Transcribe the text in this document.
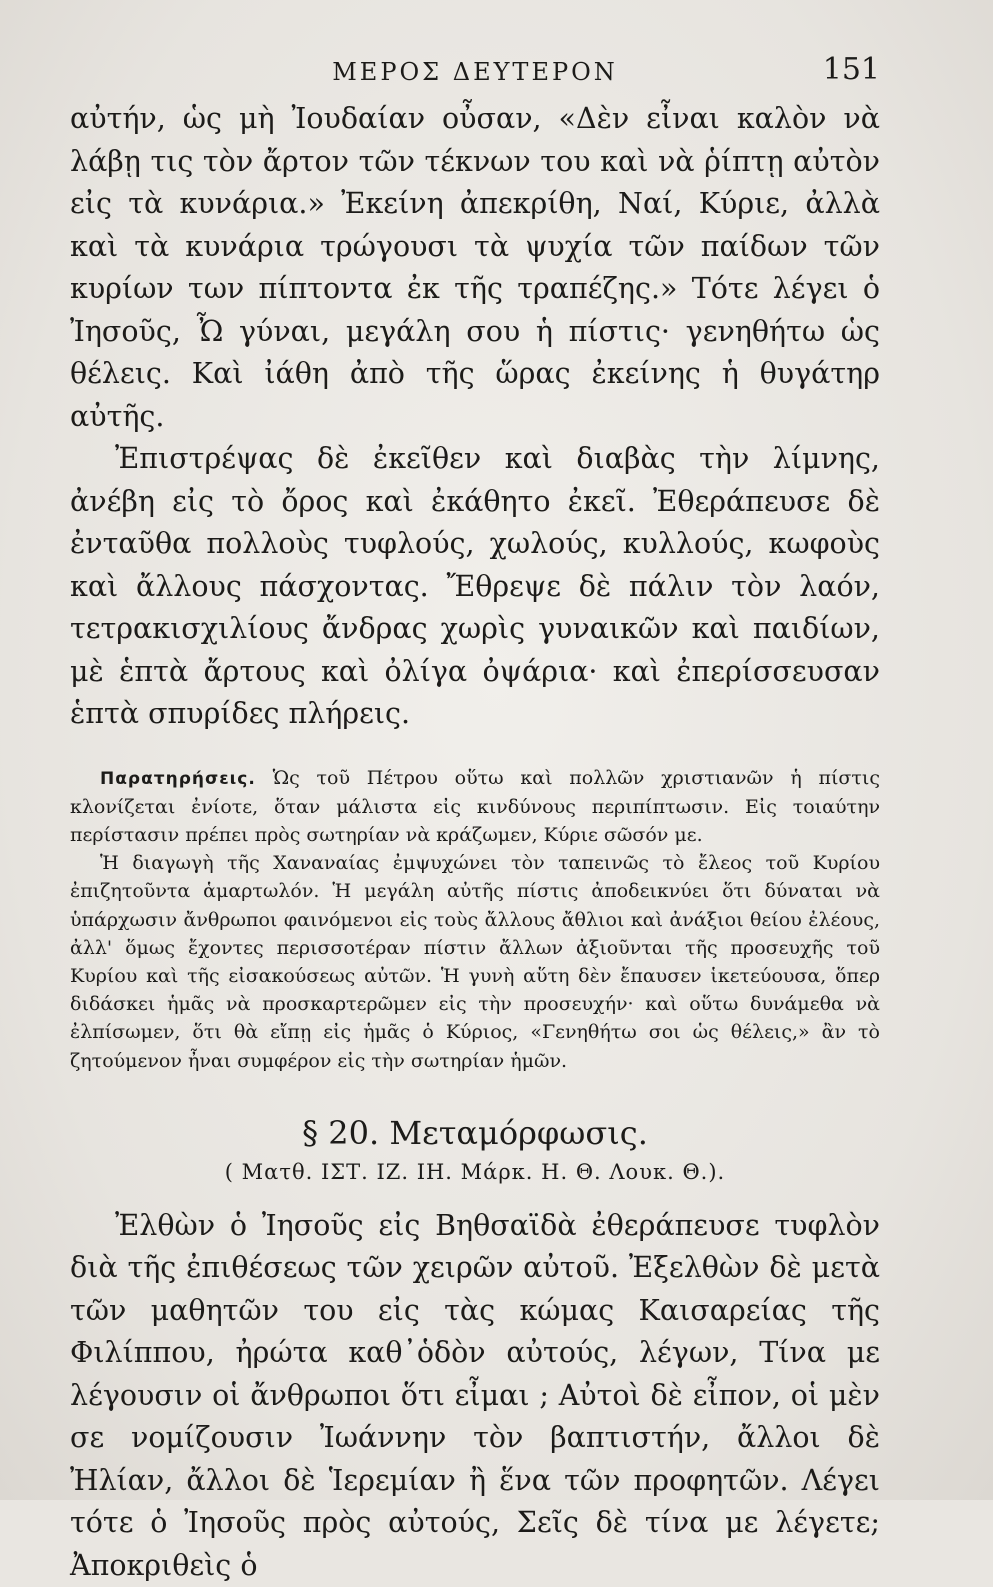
ΜΕΡΟΣ ΔΕΥΤΕΡΟΝ	151

αὐτήν, ὡς μὴ Ἰουδαίαν οὖσαν, «Δὲν εἶναι καλὸν νὰ λάβῃ τις τὸν ἄρτον τῶν τέκνων του καὶ νὰ ῥίπτῃ αὐτὸν εἰς τὰ κυνάρια.» Ἐκείνη ἀπεκρίθη, Ναί, Κύριε, ἀλλὰ καὶ τὰ κυνάρια τρώγουσι τὰ ψυχία τῶν παίδων τῶν κυρίων των πίπτοντα ἐκ τῆς τραπέζης.» Τότε λέγει ὁ Ἰησοῦς, Ὦ γύναι, μεγάλη σου ἡ πίστις· γενηθήτω ὡς θέλεις. Καὶ ἰάθη ἀπὸ τῆς ὥρας ἐκείνης ἡ θυγάτηρ αὐτῆς.

Ἐπιστρέψας δὲ ἐκεῖθεν καὶ διαβὰς τὴν λίμνης, ἀνέβη εἰς τὸ ὄρος καὶ ἐκάθητο ἐκεῖ. Ἐθεράπευσε δὲ ἐνταῦθα πολλοὺς τυφλούς, χωλούς, κυλλούς, κωφοὺς καὶ ἄλλους πάσχοντας. Ἔθρεψε δὲ πάλιν τὸν λαόν, τετρακισχιλίους ἄνδρας χωρὶς γυναικῶν καὶ παιδίων, μὲ ἑπτὰ ἄρτους καὶ ὀλίγα ὀψάρια· καὶ ἐπερίσσευσαν ἑπτὰ σπυρίδες πλήρεις.

Παρατηρήσεις. Ὡς τοῦ Πέτρου οὕτω καὶ πολλῶν χριστιανῶν ἡ πίστις κλονίζεται ἐνίοτε, ὅταν μάλιστα εἰς κινδύνους περιπίπτωσιν. Εἰς τοιαύτην περίστασιν πρέπει πρὸς σωτηρίαν νὰ κράζωμεν, Κύριε σῶσόν με.

Ἡ διαγωγὴ τῆς Χαναναίας ἐμψυχώνει τὸν ταπεινῶς τὸ ἔλεος τοῦ Κυρίου ἐπιζητοῦντα ἁμαρτωλόν. Ἡ μεγάλη αὐτῆς πίστις ἀποδεικνύει ὅτι δύναται νὰ ὑπάρχωσιν ἄνθρωποι φαινόμενοι εἰς τοὺς ἄλλους ἄθλιοι καὶ ἀνάξιοι θείου ἐλέους, ἀλλ' ὅμως ἔχοντες περισσοτέραν πίστιν ἄλλων ἀξιοῦνται τῆς προσευχῆς τοῦ Κυρίου καὶ τῆς εἰσακούσεως αὐτῶν. Ἡ γυνὴ αὕτη δὲν ἔπαυσεν ἱκετεύουσα, ὅπερ διδάσκει ἡμᾶς νὰ προσκαρτερῶμεν εἰς τὴν προσευχήν· καὶ οὕτω δυνάμεθα νὰ ἐλπίσωμεν, ὅτι θὰ εἴπῃ εἰς ἡμᾶς ὁ Κύριος, «Γενηθήτω σοι ὡς θέλεις,» ἂν τὸ ζητούμενον ἦναι συμφέρον εἰς τὴν σωτηρίαν ἡμῶν.

§ 20. Μεταμόρφωσις.
( Ματθ. ΙΣΤ. ΙΖ. ΙΗ. Μάρκ. Η. Θ. Λουκ. Θ.).

Ἐλθὼν ὁ Ἰησοῦς εἰς Βηθσαϊδὰ ἐθεράπευσε τυφλὸν διὰ τῆς ἐπιθέσεως τῶν χειρῶν αὐτοῦ. Ἐξελθὼν δὲ μετὰ τῶν μαθητῶν του εἰς τὰς κώμας Καισαρείας τῆς Φιλίππου, ἠρώτα καθ᾽ὁδὸν αὐτούς, λέγων, Τίνα με λέγουσιν οἱ ἄνθρωποι ὅτι εἶμαι ; Αὐτοὶ δὲ εἶπον, οἱ μὲν σε νομίζουσιν Ἰωάννην τὸν βαπτιστήν, ἄλλοι δὲ Ἠλίαν, ἄλλοι δὲ Ἱερεμίαν ἢ ἕνα τῶν προφητῶν. Λέγει τότε ὁ Ἰησοῦς πρὸς αὐτούς, Σεῖς δὲ τίνα με λέγετε; Ἀποκριθεὶς ὁ
